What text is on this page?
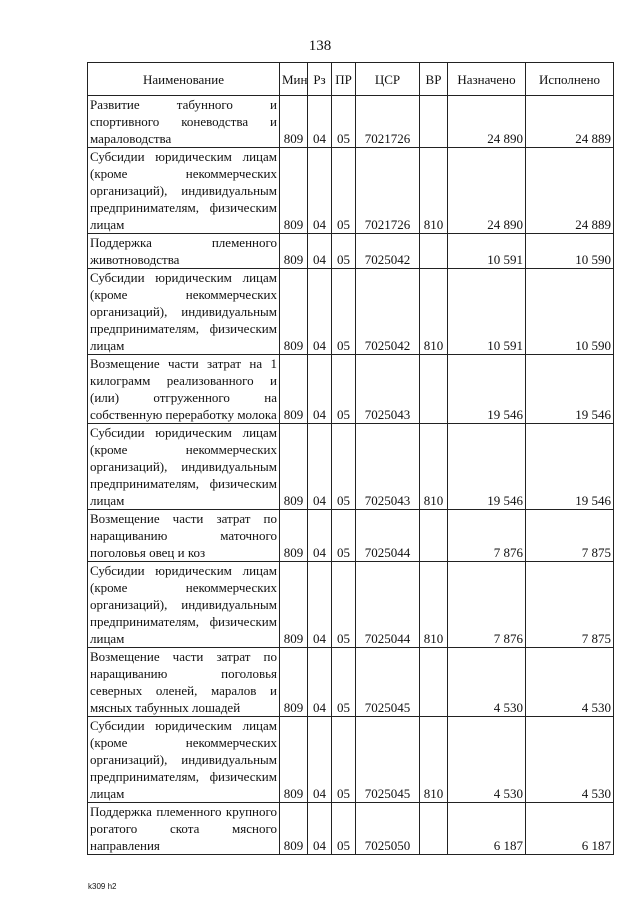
138
Наименование	Мин	Рз	ПР	ЦСР	ВР	Назначено	Исполнено
Развитие табунного и спортивного коневодства и мараловодства	809	04	05	7021726		24 890	24 889
Субсидии юридическим лицам (кроме некоммерческих организаций), индивидуальным предпринимателям, физическим лицам	809	04	05	7021726	810	24 890	24 889
Поддержка племенного животноводства	809	04	05	7025042		10 591	10 590
Субсидии юридическим лицам (кроме некоммерческих организаций), индивидуальным предпринимателям, физическим лицам	809	04	05	7025042	810	10 591	10 590
Возмещение части затрат на 1 килограмм реализованного и (или) отгруженного на собственную переработку молока	809	04	05	7025043		19 546	19 546
Субсидии юридическим лицам (кроме некоммерческих организаций), индивидуальным предпринимателям, физическим лицам	809	04	05	7025043	810	19 546	19 546
Возмещение части затрат по наращиванию маточного поголовья овец и коз	809	04	05	7025044		7 876	7 875
Субсидии юридическим лицам (кроме некоммерческих организаций), индивидуальным предпринимателям, физическим лицам	809	04	05	7025044	810	7 876	7 875
Возмещение части затрат по наращиванию поголовья северных оленей, маралов и мясных табунных лошадей	809	04	05	7025045		4 530	4 530
Субсидии юридическим лицам (кроме некоммерческих организаций), индивидуальным предпринимателям, физическим лицам	809	04	05	7025045	810	4 530	4 530
Поддержка племенного крупного рогатого скота мясного направления	809	04	05	7025050		6 187	6 187
k309 h2
